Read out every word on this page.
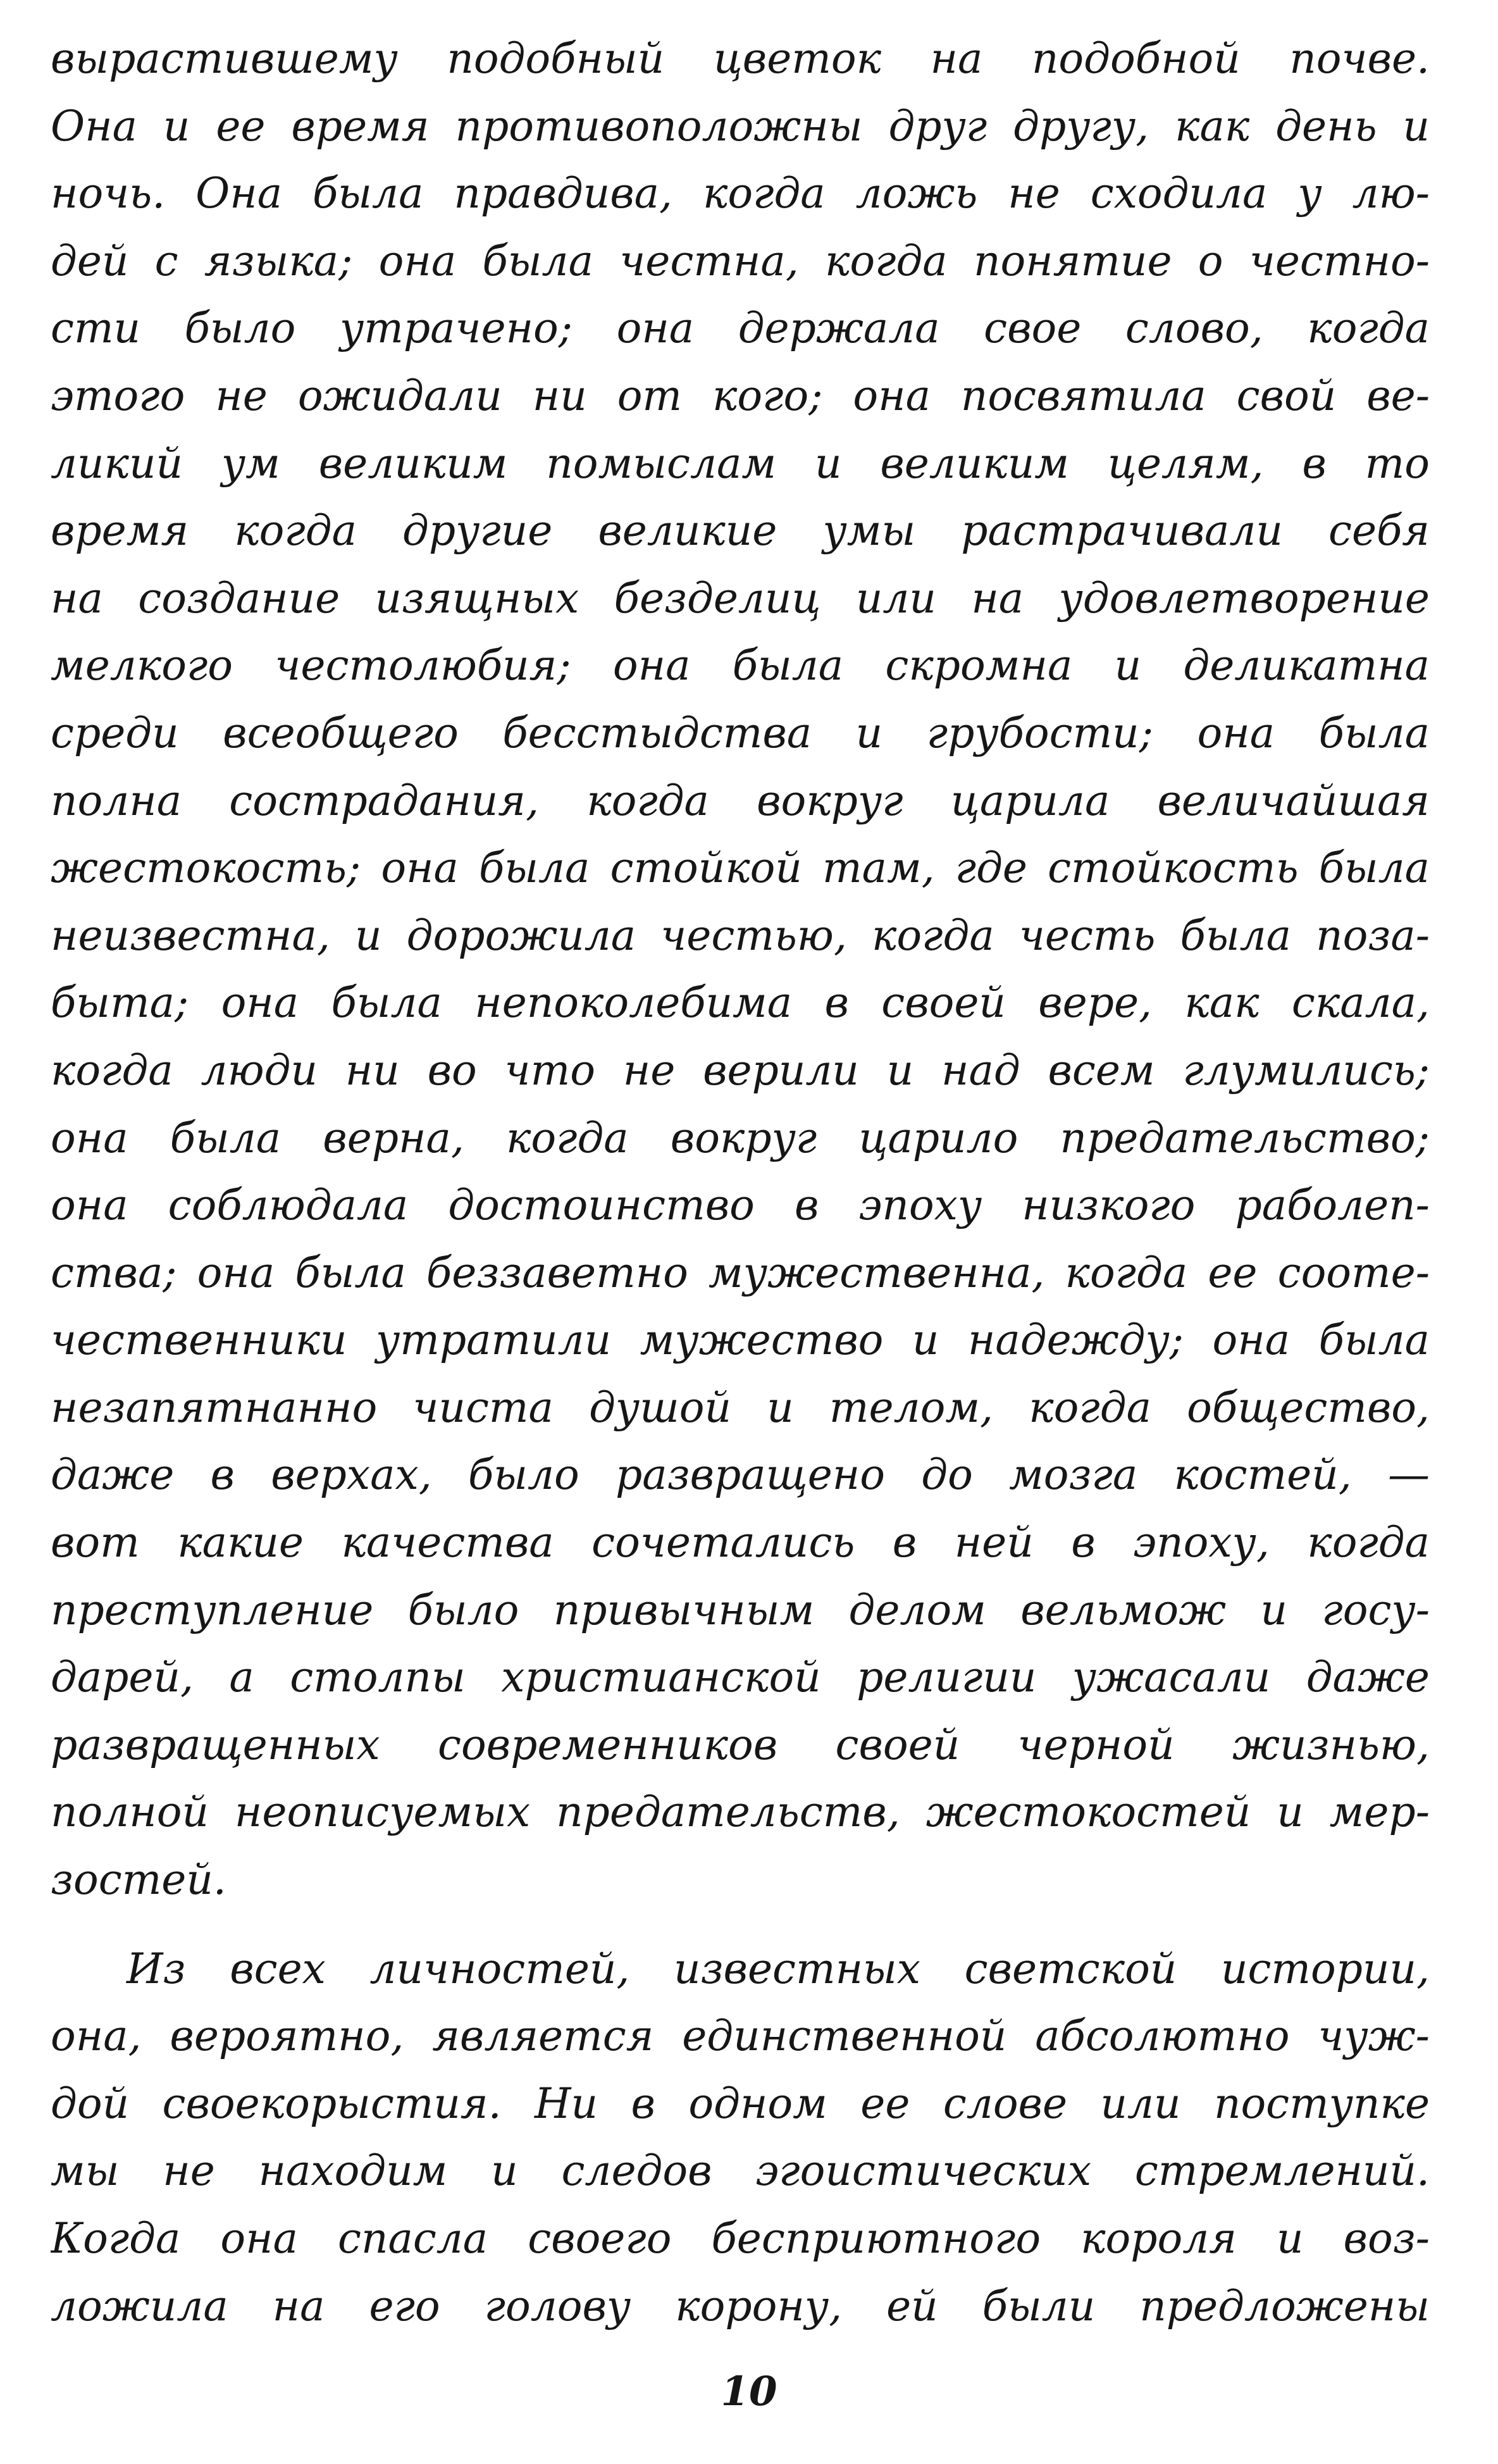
вырастившему подобный цветок на подобной почве.
Она и ее время противоположны друг другу, как день и
ночь. Она была правдива, когда ложь не сходила у лю-
дей с языка; она была честна, когда понятие о честно-
сти было утрачено; она держала свое слово, когда
этого не ожидали ни от кого; она посвятила свой ве-
ликий ум великим помыслам и великим целям, в то
время когда другие великие умы растрачивали себя
на создание изящных безделиц или на удовлетворение
мелкого честолюбия; она была скромна и деликатна
среди всеобщего бесстыдства и грубости; она была
полна сострадания, когда вокруг царила величайшая
жестокость; она была стойкой там, где стойкость была
неизвестна, и дорожила честью, когда честь была поза-
быта; она была непоколебима в своей вере, как скала,
когда люди ни во что не верили и над всем глумились;
она была верна, когда вокруг царило предательство;
она соблюдала достоинство в эпоху низкого раболеп-
ства; она была беззаветно мужественна, когда ее сооте-
чественники утратили мужество и надежду; она была
незапятнанно чиста душой и телом, когда общество,
даже в верхах, было развращено до мозга костей, —
вот какие качества сочетались в ней в эпоху, когда
преступление было привычным делом вельмож и госу-
дарей, а столпы христианской религии ужасали даже
развращенных современников своей черной жизнью,
полной неописуемых предательств, жестокостей и мер-
зостей.
Из всех личностей, известных светской истории,
она, вероятно, является единственной абсолютно чуж-
дой своекорыстия. Ни в одном ее слове или поступке
мы не находим и следов эгоистических стремлений.
Когда она спасла своего бесприютного короля и воз-
ложила на его голову корону, ей были предложены
10
